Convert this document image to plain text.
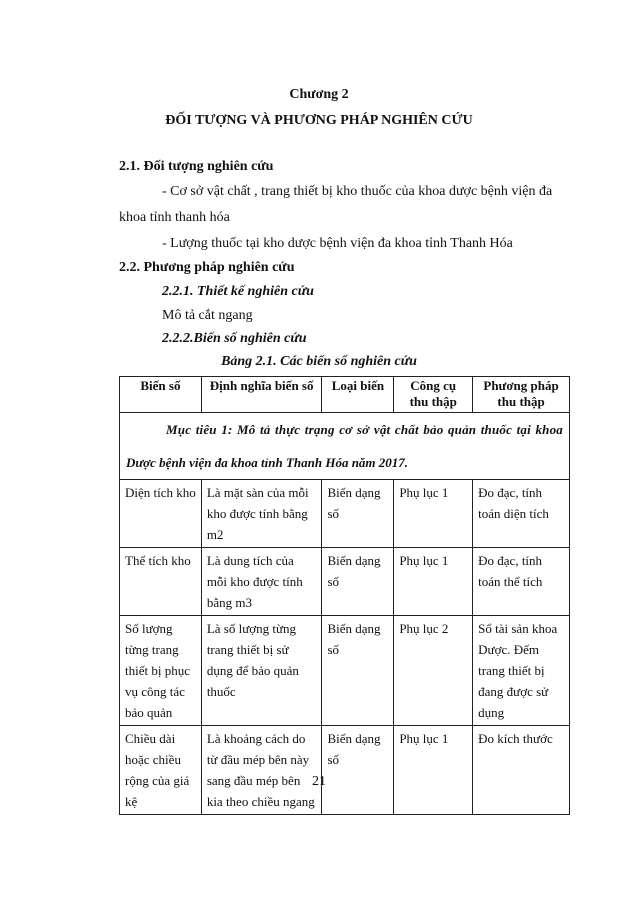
Chương 2
ĐỐI TƯỢNG VÀ PHƯƠNG PHÁP NGHIÊN CỨU
2.1. Đối tượng nghiên cứu
- Cơ sở vật chất , trang thiết bị kho thuốc của khoa dược bệnh viện đa
khoa tỉnh thanh hóa
- Lượng thuốc tại kho dược bệnh viện đa khoa tỉnh Thanh Hóa
2.2. Phương pháp nghiên cứu
2.2.1. Thiết kế nghiên cứu
Mô tả cắt ngang
2.2.2.Biến số nghiên cứu
Bảng 2.1. Các biến số nghiên cứu
Biến số	Định nghĩa biến số	Loại biến	Công cụ thu thập	Phương pháp thu thập

Mục tiêu 1: Mô tả thực trạng cơ sở vật chất bảo quản thuốc tại khoa
Dược bệnh viện đa khoa tỉnh Thanh Hóa năm 2017.				
Diện tích kho	Là mặt sàn của mỗi kho được tính bằng m2	Biến dạng số	Phụ lục 1	Đo đạc, tính toán diện tích
Thể tích kho	Là dung tích của mỗi kho được tính bằng m3	Biến dạng số	Phụ lục 1	Đo đạc, tính toán thể tích
Số lượng từng trang thiết bị phục vụ công tác bảo quản	Là số lượng từng trang thiết bị sử dụng để bảo quản thuốc	Biến dạng số	Phụ lục 2	Sổ tài sản khoa Dược. Đếm trang thiết bị đang được sử dụng
Chiều dài hoặc chiều rộng của giá kệ	Là khoảng cách do từ đầu mép bên này sang đầu mép bên kia theo chiều ngang	Biến dạng số	Phụ lục 1	Đo kích thước
21
